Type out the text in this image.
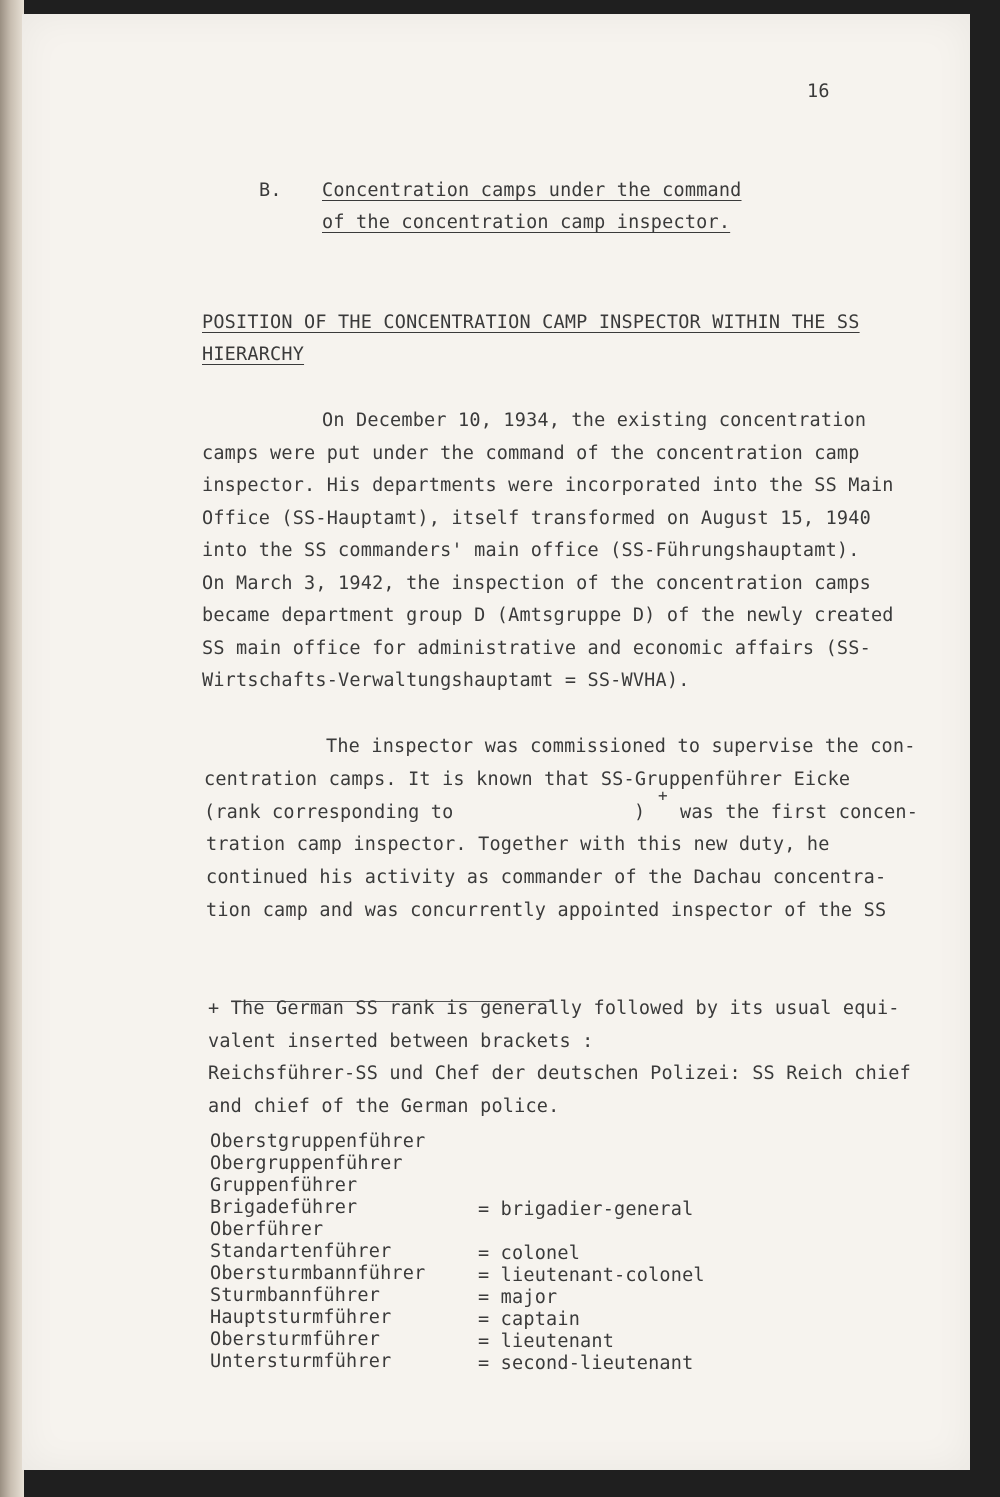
16
B. Concentration camps under the command
of the concentration camp inspector.
POSITION OF THE CONCENTRATION CAMP INSPECTOR WITHIN THE SS
HIERARCHY
On December 10, 1934, the existing concentration
camps were put under the command of the concentration camp
inspector. His departments were incorporated into the SS Main
Office (SS-Hauptamt), itself transformed on August 15, 1940
into the SS commanders' main office (SS-Führungshauptamt).
On March 3, 1942, the inspection of the concentration camps
became department group D (Amtsgruppe D) of the newly created
SS main office for administrative and economic affairs (SS-
Wirtschafts-Verwaltungshauptamt = SS-WVHA).
The inspector was commissioned to supervise the con-
centration camps. It is known that SS-Gruppenführer Eicke
(rank corresponding to	)
+
was the first concen-
tration camp inspector. Together with this new duty, he
continued his activity as commander of the Dachau concentra-
tion camp and was concurrently appointed inspector of the SS
+ The German SS rank is generally followed by its usual equi-
valent inserted between brackets :
Reichsführer-SS und Chef der deutschen Polizei: SS Reich chief
and chief of the German police.
Oberstgruppenführer
Obergruppenführer
Gruppenführer
Brigadeführer	= brigadier-general
Oberführer
Standartenführer	= colonel
Obersturmbannführer	= lieutenant-colonel
Sturmbannführer	= major
Hauptsturmführer	= captain
Obersturmführer	= lieutenant
Untersturmführer	= second-lieutenant
